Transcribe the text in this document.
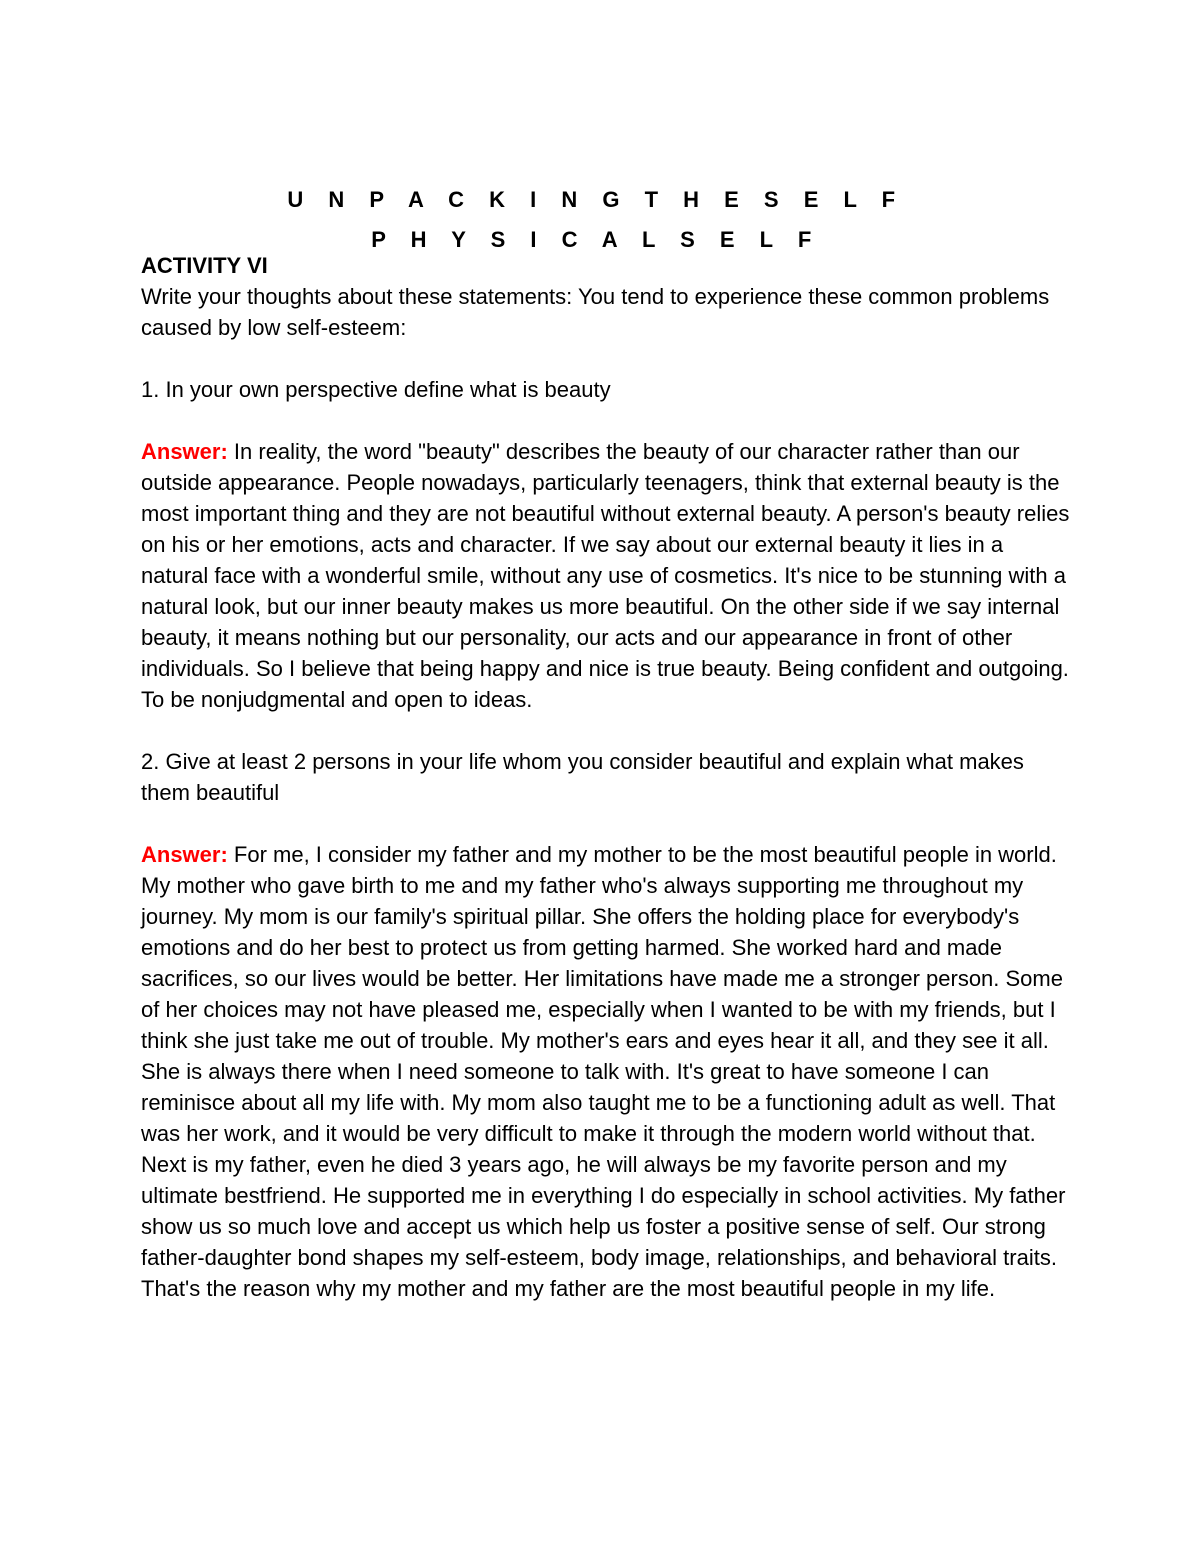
U N P A C K I N G T H E S E L F
P H Y S I C A L S E L F

ACTIVITY VI

Write your thoughts about these statements: You tend to experience these common problems caused by low self-esteem:

1. In your own perspective define what is beauty

Answer: In reality, the word "beauty" describes the beauty of our character rather than our outside appearance. People nowadays, particularly teenagers, think that external beauty is the most important thing and they are not beautiful without external beauty. A person's beauty relies on his or her emotions, acts and character. If we say about our external beauty it lies in a natural face with a wonderful smile, without any use of cosmetics. It's nice to be stunning with a natural look, but our inner beauty makes us more beautiful. On the other side if we say internal beauty, it means nothing but our personality, our acts and our appearance in front of other individuals. So I believe that being happy and nice is true beauty. Being confident and outgoing. To be nonjudgmental and open to ideas.

2. Give at least 2 persons in your life whom you consider beautiful and explain what makes them beautiful

Answer: For me, I consider my father and my mother to be the most beautiful people in world. My mother who gave birth to me and my father who's always supporting me throughout my journey. My mom is our family's spiritual pillar. She offers the holding place for everybody's emotions and do her best to protect us from getting harmed. She worked hard and made sacrifices, so our lives would be better. Her limitations have made me a stronger person. Some of her choices may not have pleased me, especially when I wanted to be with my friends, but I think she just take me out of trouble. My mother's ears and eyes hear it all, and they see it all. She is always there when I need someone to talk with. It's great to have someone I can reminisce about all my life with. My mom also taught me to be a functioning adult as well. That was her work, and it would be very difficult to make it through the modern world without that. Next is my father, even he died 3 years ago, he will always be my favorite person and my ultimate bestfriend. He supported me in everything I do especially in school activities. My father show us so much love and accept us which help us foster a positive sense of self. Our strong father-daughter bond shapes my self-esteem, body image, relationships, and behavioral traits. That's the reason why my mother and my father are the most beautiful people in my life.
